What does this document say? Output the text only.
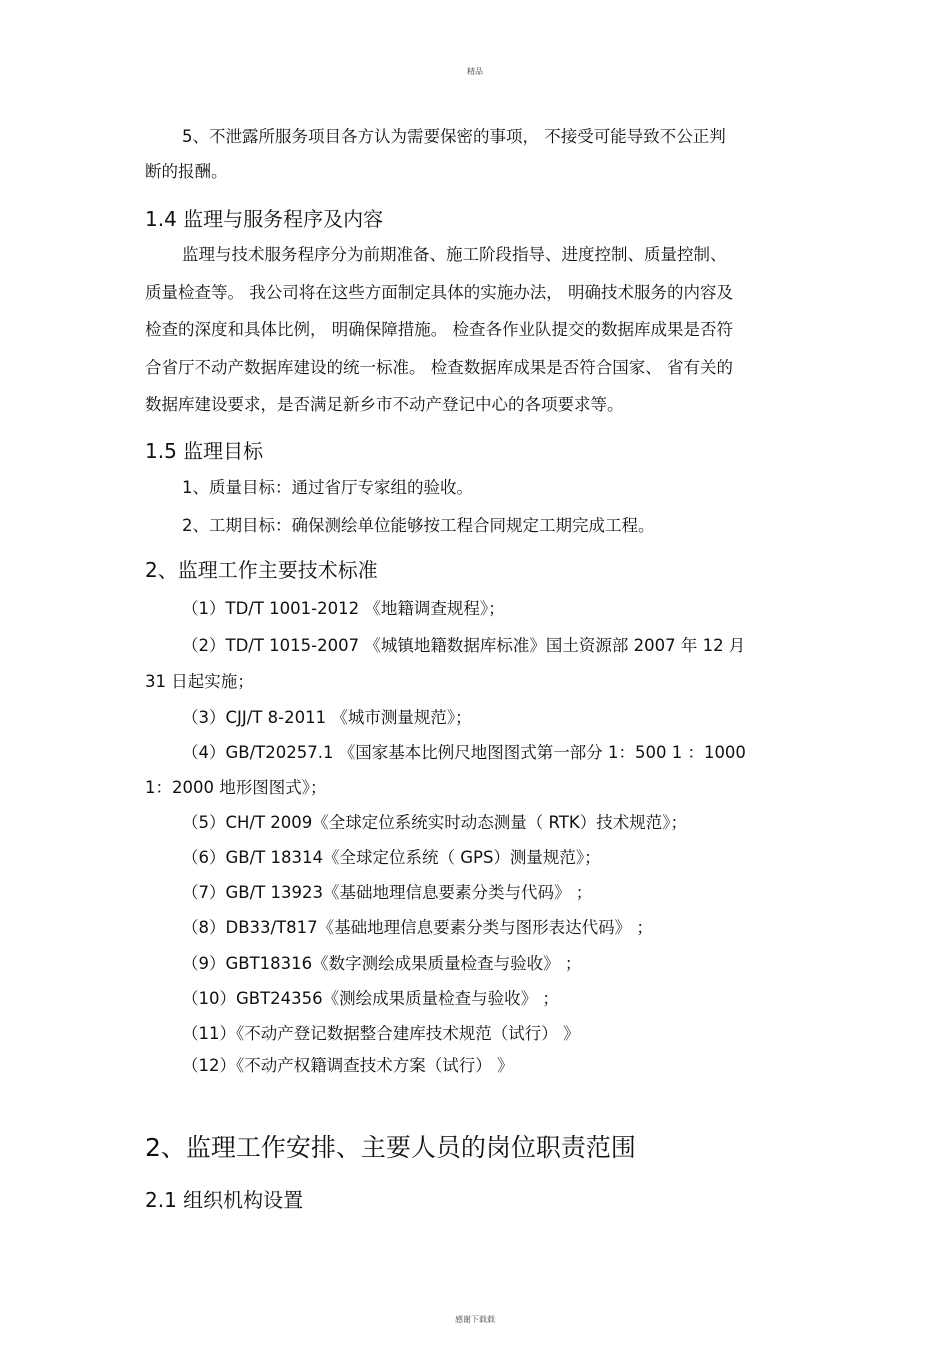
精品
5、不泄露所服务项目各方认为需要保密的事项， 不接受可能导致不公正判
断的报酬。
1.4 监理与服务程序及内容
监理与技术服务程序分为前期准备、施工阶段指导、进度控制、质量控制、
质量检查等。 我公司将在这些方面制定具体的实施办法， 明确技术服务的内容及
检查的深度和具体比例， 明确保障措施。 检查各作业队提交的数据库成果是否符
合省厅不动产数据库建设的统一标准。 检查数据库成果是否符合国家、 省有关的
数据库建设要求，是否满足新乡市不动产登记中心的各项要求等。
1.5 监理目标
1、质量目标：通过省厅专家组的验收。
2、工期目标：确保测绘单位能够按工程合同规定工期完成工程。
2、监理工作主要技术标准
（1）TD/T 1001-2012 《地籍调查规程》；
（2）TD/T 1015-2007 《城镇地籍数据库标准》国土资源部 2007 年 12 月
31 日起实施；
（3）CJJ/T 8-2011 《城市测量规范》；
（4）GB/T20257.1 《国家基本比例尺地图图式第一部分 1：500 1 ：1000
1：2000 地形图图式》；
（5）CH/T 2009《全球定位系统实时动态测量（ RTK）技术规范》；
（6）GB/T 18314《全球定位系统（ GPS）测量规范》；
（7）GB/T 13923《基础地理信息要素分类与代码》 ；
（8）DB33/T817《基础地理信息要素分类与图形表达代码》 ；
（9）GBT18316《数字测绘成果质量检查与验收》 ；
（10）GBT24356《测绘成果质量检查与验收》 ；
（11）《不动产登记数据整合建库技术规范（试行） 》
（12）《不动产权籍调查技术方案（试行） 》
2、监理工作安排、主要人员的岗位职责范围
2.1 组织机构设置
感谢下载载
